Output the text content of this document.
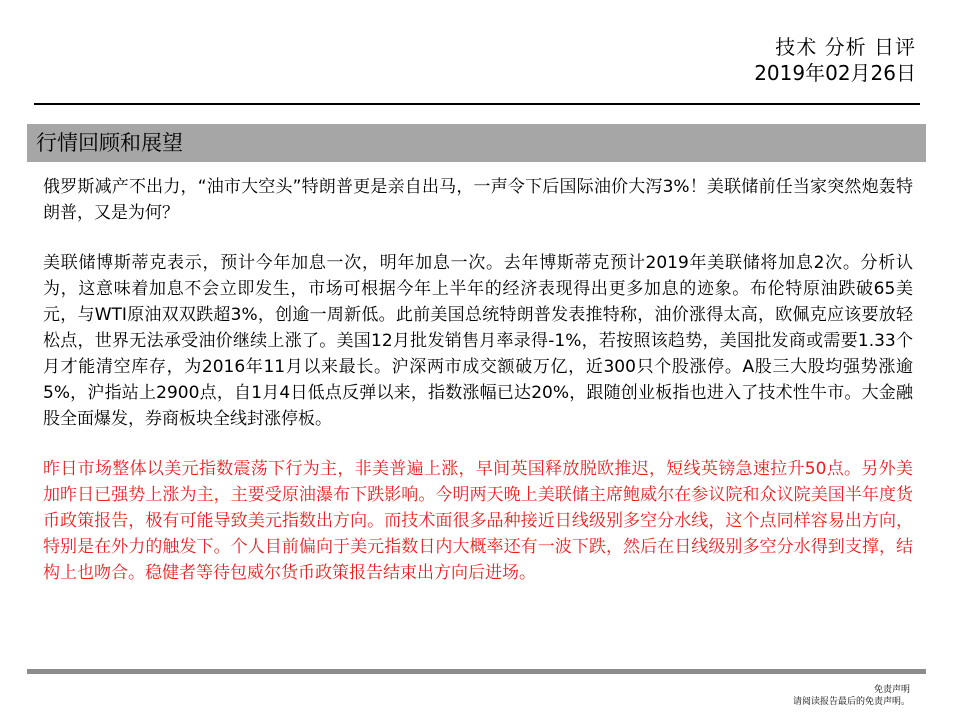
技术 分析 日评
2019年02月26日
行情回顾和展望

俄罗斯减产不出力，“油市大空头”特朗普更是亲自出马，一声令下后国际油价大泻3%！美联储前任当家突然炮轰特朗普，又是为何？

美联储博斯蒂克表示，预计今年加息一次，明年加息一次。去年博斯蒂克预计2019年美联储将加息2次。分析认为，这意味着加息不会立即发生，市场可根据今年上半年的经济表现得出更多加息的迹象。布伦特原油跌破65美元，与WTI原油双双跌超3%，创逾一周新低。此前美国总统特朗普发表推特称，油价涨得太高，欧佩克应该要放轻松点，世界无法承受油价继续上涨了。美国12月批发销售月率录得-1%，若按照该趋势，美国批发商或需要1.33个月才能清空库存，为2016年11月以来最长。沪深两市成交额破万亿，近300只个股涨停。A股三大股均强势涨逾5%，沪指站上2900点，自1月4日低点反弹以来，指数涨幅已达20%，跟随创业板指也进入了技术性牛市。大金融股全面爆发，券商板块全线封涨停板。

昨日市场整体以美元指数震荡下行为主，非美普遍上涨，早间英国释放脱欧推迟，短线英镑急速拉升50点。另外美加昨日已强势上涨为主，主要受原油瀑布下跌影响。今明两天晚上美联储主席鲍威尔在参议院和众议院美国半年度货币政策报告，极有可能导致美元指数出方向。而技术面很多品种接近日线级别多空分水线，这个点同样容易出方向，特别是在外力的触发下。个人目前偏向于美元指数日内大概率还有一波下跌，然后在日线级别多空分水得到支撑，结构上也吻合。稳健者等待包威尔货币政策报告结束出方向后进场。

免责声明
请阅读报告最后的免责声明。
